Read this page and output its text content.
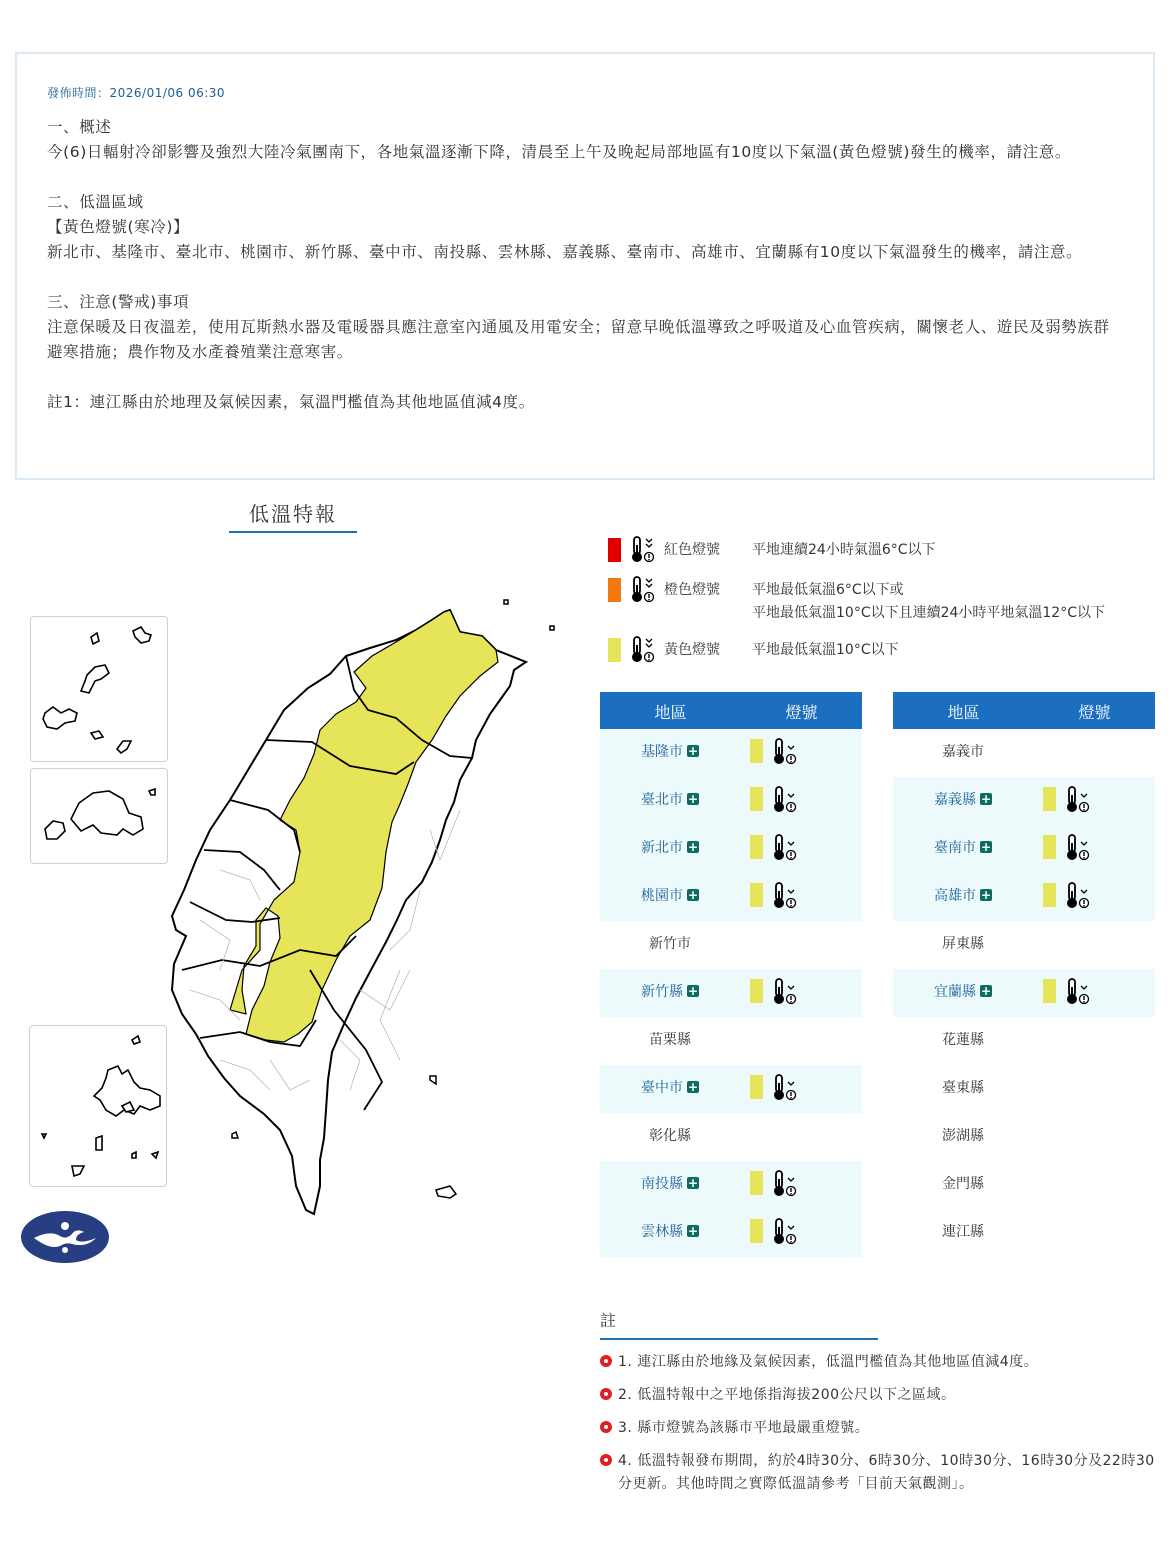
發佈時間：2026/01/06 06:30
一、概述
今(6)日輻射冷卻影響及強烈大陸冷氣團南下，各地氣溫逐漸下降，清晨至上午及晚起局部地區有10度以下氣溫(黃色燈號)發生的機率，請注意。
二、低溫區域
【黃色燈號(寒冷)】
新北市、基隆市、臺北市、桃園市、新竹縣、臺中市、南投縣、雲林縣、嘉義縣、臺南市、高雄市、宜蘭縣有10度以下氣溫發生的機率，請注意。
三、注意(警戒)事項
注意保暖及日夜溫差，使用瓦斯熱水器及電暖器具應注意室內通風及用電安全；留意早晚低溫導致之呼吸道及心血管疾病，關懷老人、遊民及弱勢族群避寒措施；農作物及水產養殖業注意寒害。
註1：連江縣由於地理及氣候因素，氣溫門檻值為其他地區值減4度。
低溫特報
紅色燈號 平地連續24小時氣溫6°C以下
橙色燈號 平地最低氣溫6°C以下或
平地最低氣溫10°C以下且連續24小時平地氣溫12°C以下
黃色燈號 平地最低氣溫10°C以下
地區	燈號
基隆市 +
臺北市 +
新北市 +
桃園市 +
新竹市
新竹縣 +
苗栗縣
臺中市 +
彰化縣
南投縣 +
雲林縣 +
地區	燈號
嘉義市
嘉義縣 +
臺南市 +
高雄市 +
屏東縣
宜蘭縣 +
花蓮縣
臺東縣
澎湖縣
金門縣
連江縣
註
1. 連江縣由於地緣及氣候因素，低溫門檻值為其他地區值減4度。
2. 低溫特報中之平地係指海拔200公尺以下之區域。
3. 縣市燈號為該縣市平地最嚴重燈號。
4. 低溫特報發布期間，約於4時30分、6時30分、10時30分、16時30分及22時30分更新。其他時間之實際低溫請參考「目前天氣觀測」。
